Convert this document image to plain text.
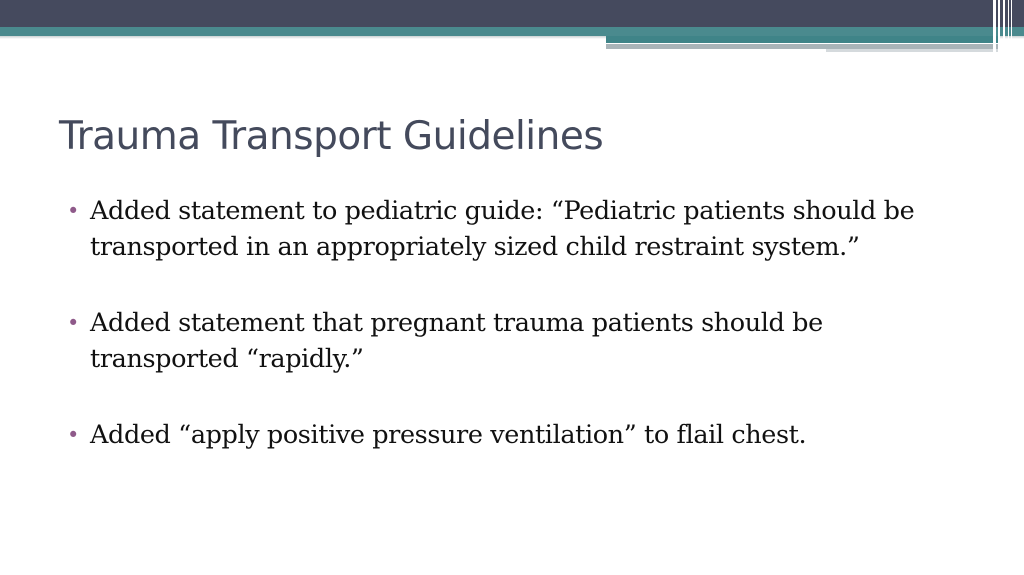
Trauma Transport Guidelines
• Added statement to pediatric guide: “Pediatric patients should be transported in an appropriately sized child restraint system.”
• Added statement that pregnant trauma patients should be transported “rapidly.”
• Added “apply positive pressure ventilation” to flail chest.
